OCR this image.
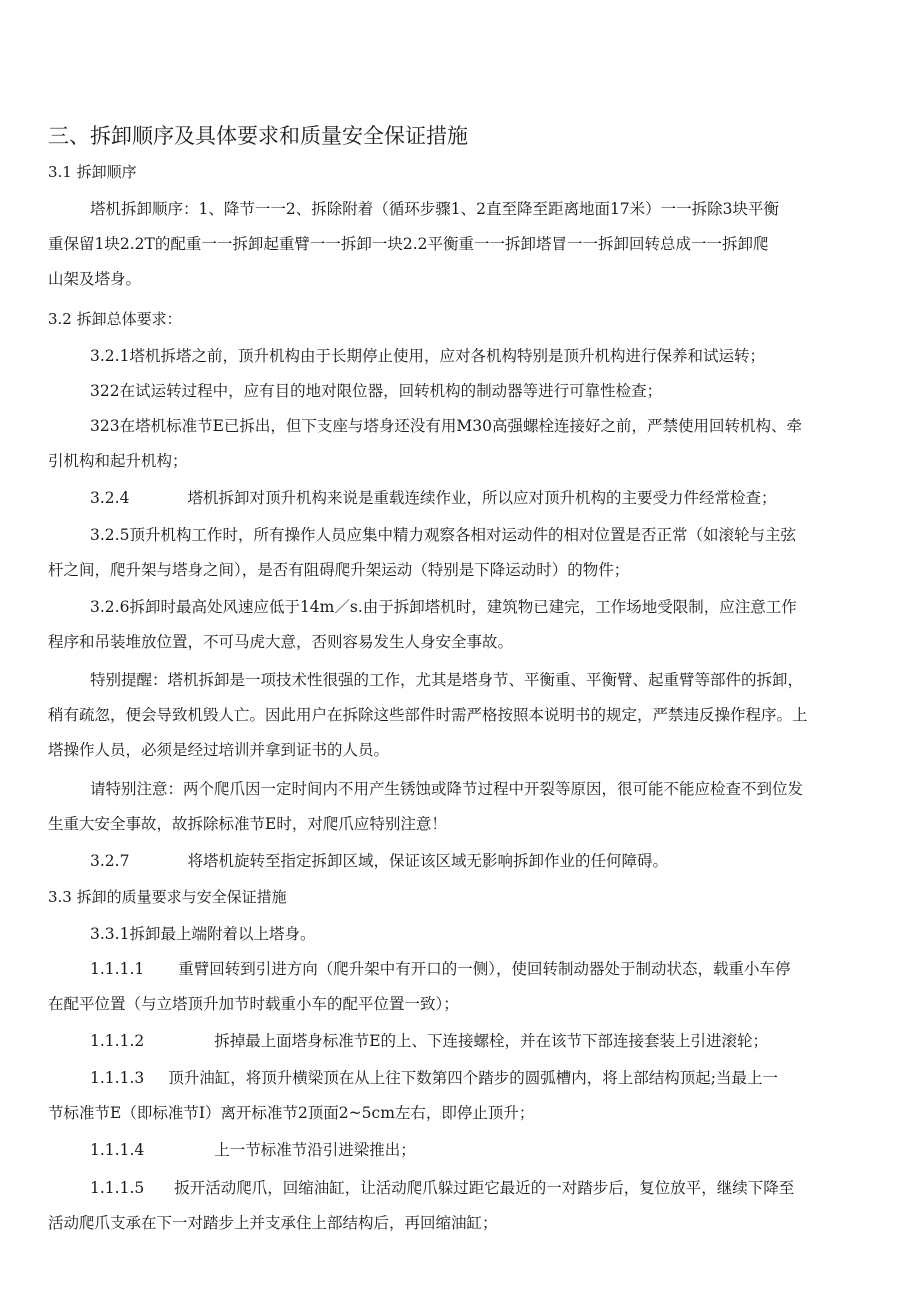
三、拆卸顺序及具体要求和质量安全保证措施
3.1 拆卸顺序
塔机拆卸顺序：1、降节一一2、拆除附着（循环步骤1、2直至降至距离地面17米）一一拆除3块平衡
重保留1块2.2T的配重一一拆卸起重臂一一拆卸一块2.2平衡重一一拆卸塔冒一一拆卸回转总成一一拆卸爬
山架及塔身。
3.2 拆卸总体要求：
3.2.1塔机拆塔之前，顶升机构由于长期停止使用，应对各机构特别是顶升机构进行保养和试运转；
322在试运转过程中，应有目的地对限位器，回转机构的制动器等进行可靠性检查；
323在塔机标准节E已拆出，但下支座与塔身还没有用M30高强螺栓连接好之前，严禁使用回转机构、牵
引机构和起升机构；
3.2.4	塔机拆卸对顶升机构来说是重载连续作业，所以应对顶升机构的主要受力件经常检查；
3.2.5顶升机构工作时，所有操作人员应集中精力观察各相对运动件的相对位置是否正常（如滚轮与主弦
杆之间，爬升架与塔身之间），是否有阻碍爬升架运动（特别是下降运动时）的物件；
3.2.6拆卸时最高处风速应低于14m／s.由于拆卸塔机时，建筑物已建完，工作场地受限制，应注意工作
程序和吊装堆放位置，不可马虎大意，否则容易发生人身安全事故。
特别提醒：塔机拆卸是一项技术性很强的工作，尤其是塔身节、平衡重、平衡臂、起重臂等部件的拆卸，
稍有疏忽，便会导致机毁人亡。因此用户在拆除这些部件时需严格按照本说明书的规定，严禁违反操作程序。上
塔操作人员，必须是经过培训并拿到证书的人员。
请特别注意：两个爬爪因一定时间内不用产生锈蚀或降节过程中开裂等原因，很可能不能应检查不到位发
生重大安全事故，故拆除标准节E时，对爬爪应特别注意！
3.2.7	将塔机旋转至指定拆卸区域，保证该区域无影响拆卸作业的任何障碍。
3.3 拆卸的质量要求与安全保证措施
3.3.1拆卸最上端附着以上塔身。
1.1.1.1 重臂回转到引进方向（爬升架中有开口的一侧），使回转制动器处于制动状态，载重小车停
在配平位置（与立塔顶升加节时载重小车的配平位置一致）；
1.1.1.2	拆掉最上面塔身标准节E的上、下连接螺栓，并在该节下部连接套装上引进滚轮；
1.1.1.3 顶升油缸，将顶升横梁顶在从上往下数第四个踏步的圆弧槽内，将上部结构顶起;当最上一
节标准节E（即标准节I）离开标准节2顶面2~5cm左右，即停止顶升；
1.1.1.4	上一节标准节沿引进梁推出；
1.1.1.5 扳开活动爬爪，回缩油缸，让活动爬爪躲过距它最近的一对踏步后，复位放平，继续下降至
活动爬爪支承在下一对踏步上并支承住上部结构后，再回缩油缸；
